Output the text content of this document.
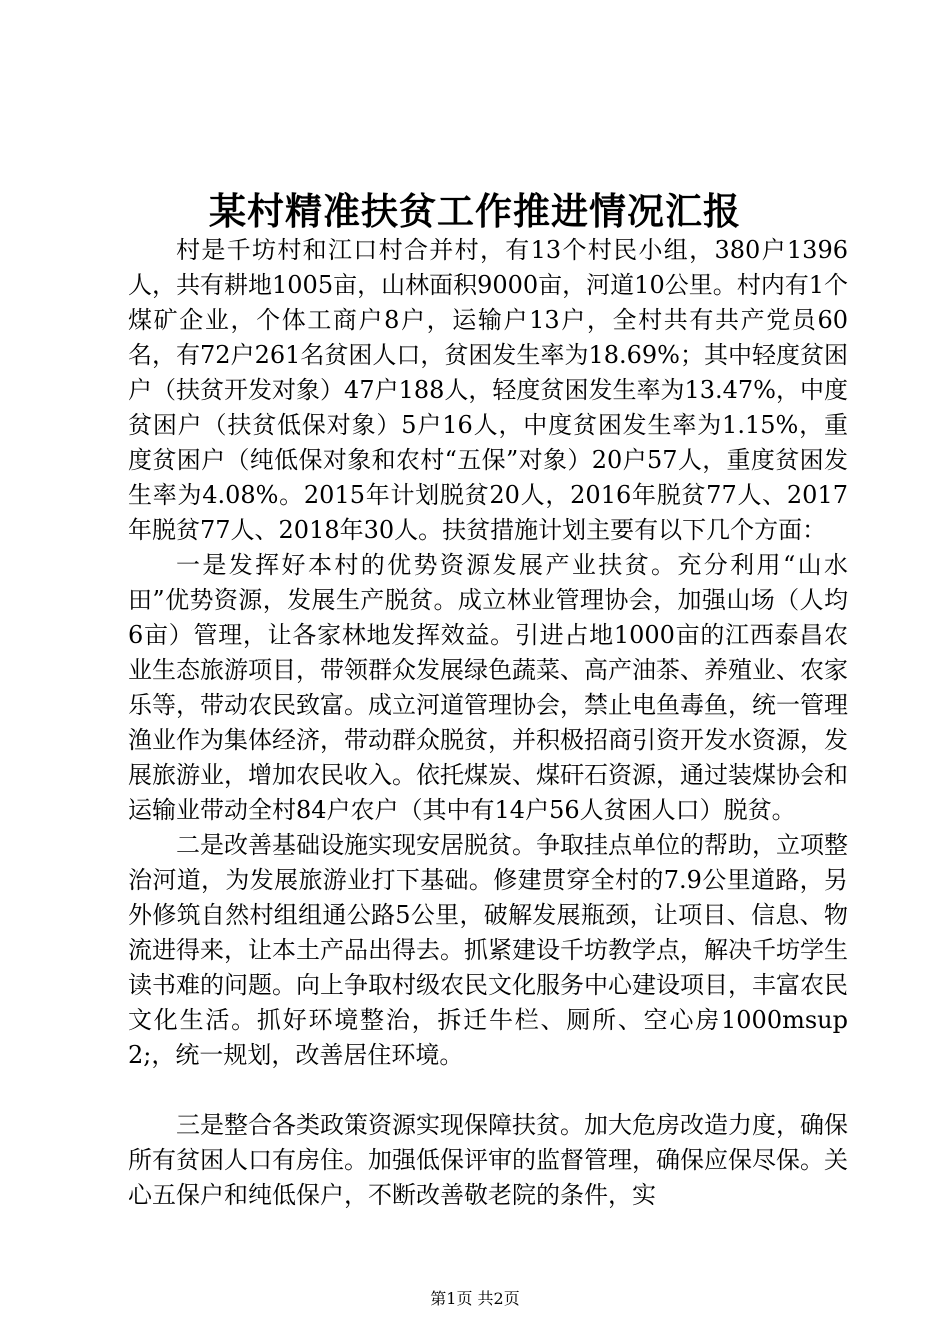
某村精准扶贫工作推进情况汇报

村是千坊村和江口村合并村，有13个村民小组，380户1396人，共有耕地1005亩，山林面积9000亩，河道10公里。村内有1个煤矿企业，个体工商户8户，运输户13户，全村共有共产党员60名，有72户261名贫困人口，贫困发生率为18.69%；其中轻度贫困户（扶贫开发对象）47户188人，轻度贫困发生率为13.47%，中度贫困户（扶贫低保对象）5户16人，中度贫困发生率为1.15%，重度贫困户（纯低保对象和农村“五保”对象）20户57人，重度贫困发生率为4.08%。2015年计划脱贫20人，2016年脱贫77人、2017年脱贫77人、2018年30人。扶贫措施计划主要有以下几个方面：

一是发挥好本村的优势资源发展产业扶贫。充分利用“山水田”优势资源，发展生产脱贫。成立林业管理协会，加强山场（人均6亩）管理，让各家林地发挥效益。引进占地1000亩的江西泰昌农业生态旅游项目，带领群众发展绿色蔬菜、高产油茶、养殖业、农家乐等，带动农民致富。成立河道管理协会，禁止电鱼毒鱼，统一管理渔业作为集体经济，带动群众脱贫，并积极招商引资开发水资源，发展旅游业，增加农民收入。依托煤炭、煤矸石资源，通过装煤协会和运输业带动全村84户农户（其中有14户56人贫困人口）脱贫。

二是改善基础设施实现安居脱贫。争取挂点单位的帮助，立项整治河道，为发展旅游业打下基础。修建贯穿全村的7.9公里道路，另外修筑自然村组组通公路5公里，破解发展瓶颈，让项目、信息、物流进得来，让本土产品出得去。抓紧建设千坊教学点，解决千坊学生读书难的问题。向上争取村级农民文化服务中心建设项目，丰富农民文化生活。抓好环境整治，拆迁牛栏、厕所、空心房1000msup2;，统一规划，改善居住环境。

三是整合各类政策资源实现保障扶贫。加大危房改造力度，确保所有贫困人口有房住。加强低保评审的监督管理，确保应保尽保。关心五保户和纯低保户，不断改善敬老院的条件，实

第1页 共2页
